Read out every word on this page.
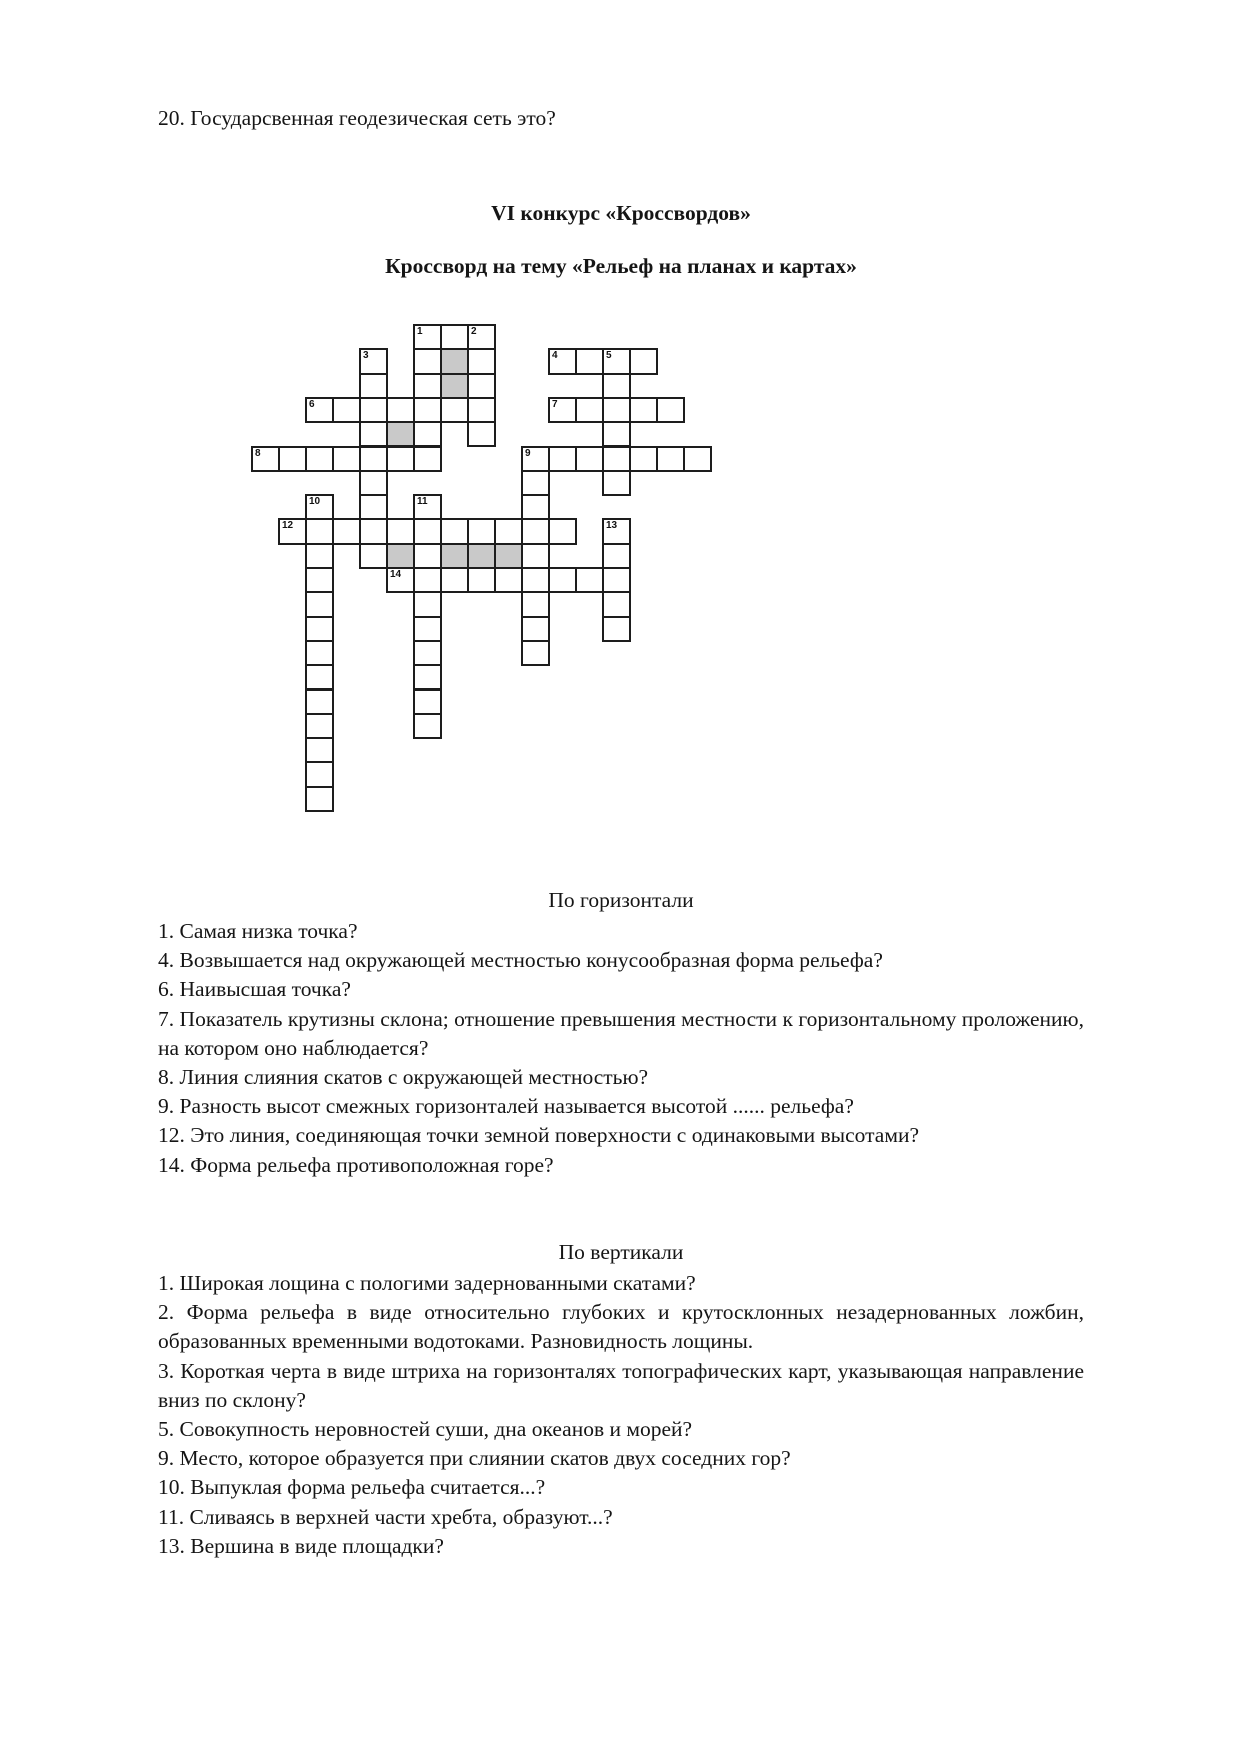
20. Государсвенная геодезическая сеть это?
VI конкурс «Кроссвордов»
Кроссворд на тему «Рельеф на планах и картах»
1	2
3	4	5
6	7
8	9
10	11
12	13
14
По горизонтали
1. Самая низка точка?
4. Возвышается над окружающей местностью конусообразная форма рельефа?
6. Наивысшая точка?
7. Показатель крутизны склона; отношение превышения местности к горизонтальному проложению, на котором оно наблюдается?
8. Линия слияния скатов с окружающей местностью?
9. Разность высот смежных горизонталей называется высотой ...... рельефа?
12. Это линия, соединяющая точки земной поверхности с одинаковыми высотами?
14. Форма рельефа противоположная горе?
По вертикали
1. Широкая лощина с пологими задернованными скатами?
2. Форма рельефа в виде относительно глубоких и крутосклонных незадернованных ложбин, образованных временными водотоками. Разновидность лощины.
3. Короткая черта в виде штриха на горизонталях топографических карт, указывающая направление вниз по склону?
5. Совокупность неровностей суши, дна океанов и морей?
9. Место, которое образуется при слиянии скатов двух соседних гор?
10. Выпуклая форма рельефа считается...?
11. Сливаясь в верхней части хребта, образуют...?
13. Вершина в виде площадки?
